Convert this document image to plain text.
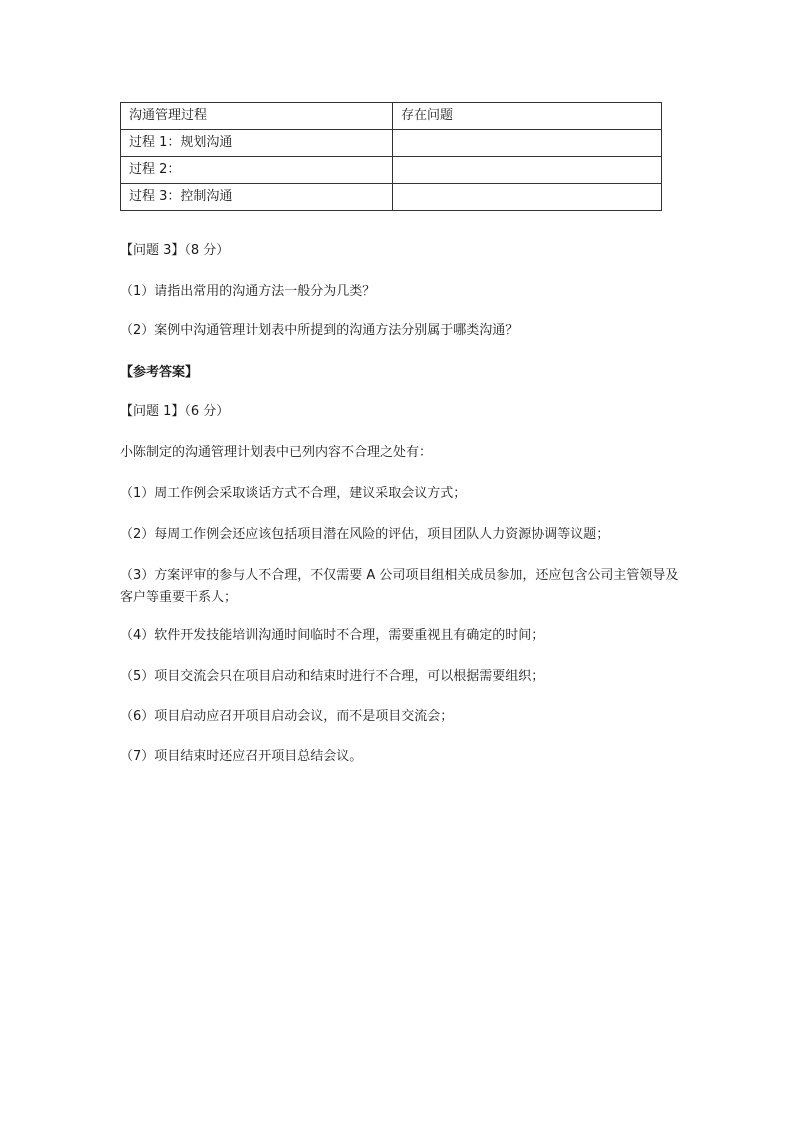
沟通管理过程	存在问题
过程 1：规划沟通	
过程 2：	
过程 3：控制沟通	

【问题 3】（8 分）

（1）请指出常用的沟通方法一般分为几类？

（2）案例中沟通管理计划表中所提到的沟通方法分别属于哪类沟通？

【参考答案】

【问题 1】（6 分）

小陈制定的沟通管理计划表中已列内容不合理之处有：

（1）周工作例会采取谈话方式不合理，建议采取会议方式；

（2）每周工作例会还应该包括项目潜在风险的评估，项目团队人力资源协调等议题；

（3）方案评审的参与人不合理，不仅需要 A 公司项目组相关成员参加，还应包含公司主管领导及客户等重要干系人；

（4）软件开发技能培训沟通时间临时不合理，需要重视且有确定的时间；

（5）项目交流会只在项目启动和结束时进行不合理，可以根据需要组织；

（6）项目启动应召开项目启动会议，而不是项目交流会；

（7）项目结束时还应召开项目总结会议。
